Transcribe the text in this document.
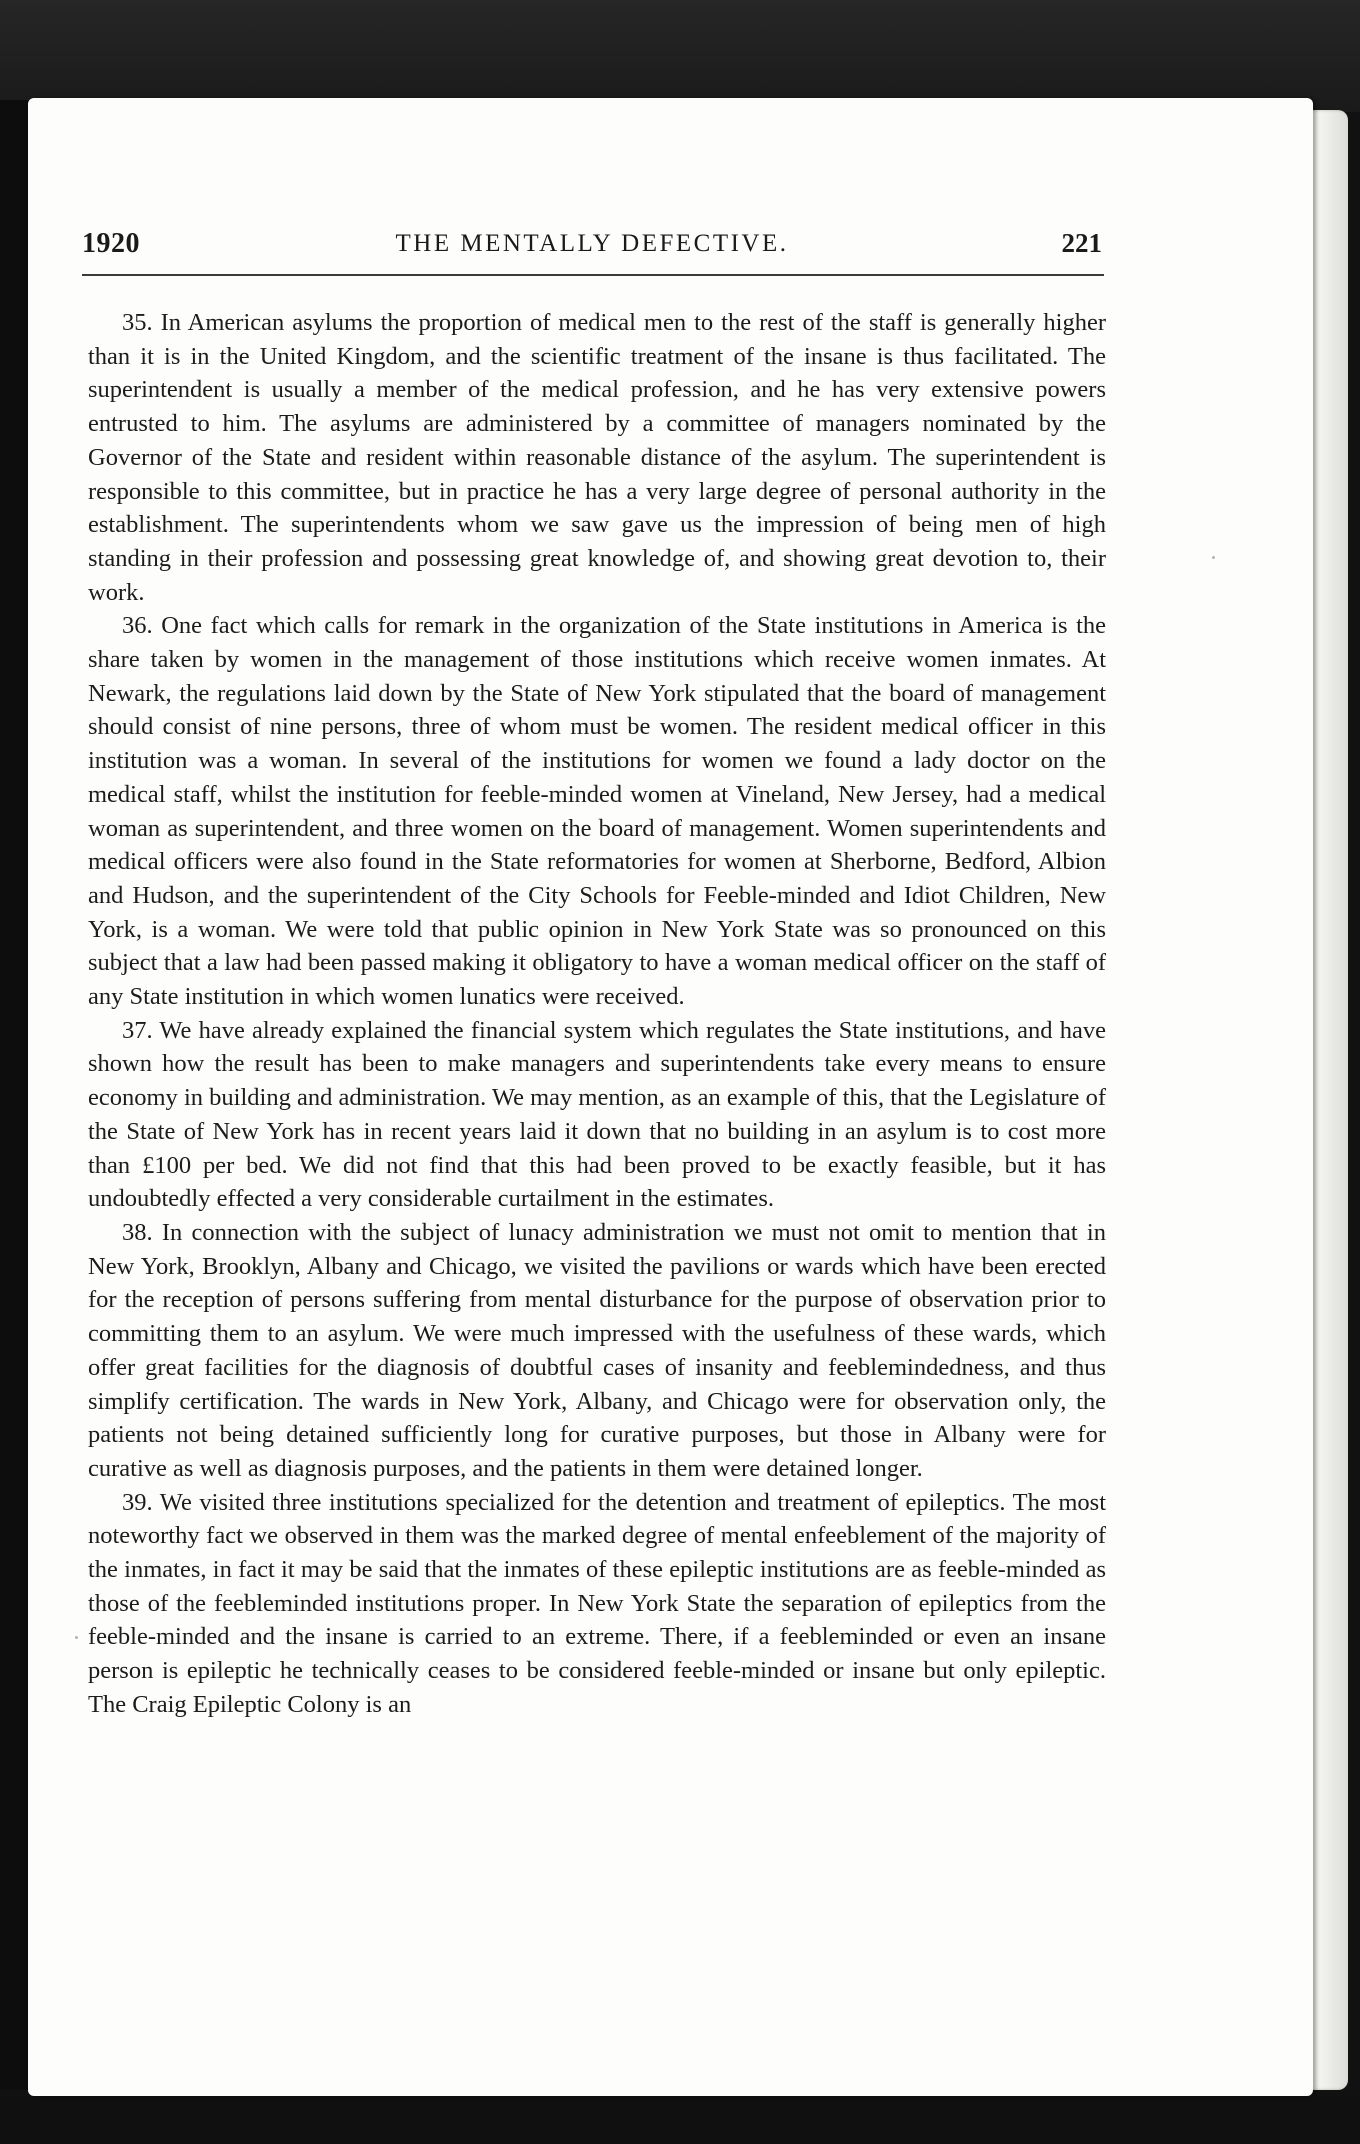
1920	THE MENTALLY DEFECTIVE.	221

35. In American asylums the proportion of medical men to the rest of the staff is generally higher than it is in the United Kingdom, and the scientific treatment of the insane is thus facilitated. The superintendent is usually a member of the medical profession, and he has very extensive powers entrusted to him. The asylums are administered by a committee of managers nominated by the Governor of the State and resident within reasonable distance of the asylum. The superintendent is responsible to this committee, but in practice he has a very large degree of personal authority in the establishment. The superintendents whom we saw gave us the impression of being men of high standing in their profession and possessing great knowledge of, and showing great devotion to, their work.

36. One fact which calls for remark in the organization of the State institutions in America is the share taken by women in the management of those institutions which receive women inmates. At Newark, the regulations laid down by the State of New York stipulated that the board of management should consist of nine persons, three of whom must be women. The resident medical officer in this institution was a woman. In several of the institutions for women we found a lady doctor on the medical staff, whilst the institution for feeble-minded women at Vineland, New Jersey, had a medical woman as superintendent, and three women on the board of management. Women superintendents and medical officers were also found in the State reformatories for women at Sherborne, Bedford, Albion and Hudson, and the superintendent of the City Schools for Feeble-minded and Idiot Children, New York, is a woman. We were told that public opinion in New York State was so pronounced on this subject that a law had been passed making it obligatory to have a woman medical officer on the staff of any State institution in which women lunatics were received.

37. We have already explained the financial system which regulates the State institutions, and have shown how the result has been to make managers and superintendents take every means to ensure economy in building and administration. We may mention, as an example of this, that the Legislature of the State of New York has in recent years laid it down that no building in an asylum is to cost more than £100 per bed. We did not find that this had been proved to be exactly feasible, but it has undoubtedly effected a very considerable curtailment in the estimates.

38. In connection with the subject of lunacy administration we must not omit to mention that in New York, Brooklyn, Albany and Chicago, we visited the pavilions or wards which have been erected for the reception of persons suffering from mental disturbance for the purpose of observation prior to committing them to an asylum. We were much impressed with the usefulness of these wards, which offer great facilities for the diagnosis of doubtful cases of insanity and feeblemindedness, and thus simplify certification. The wards in New York, Albany, and Chicago were for observation only, the patients not being detained sufficiently long for curative purposes, but those in Albany were for curative as well as diagnosis purposes, and the patients in them were detained longer.

39. We visited three institutions specialized for the detention and treatment of epileptics. The most noteworthy fact we observed in them was the marked degree of mental enfeeblement of the majority of the inmates, in fact it may be said that the inmates of these epileptic institutions are as feeble-minded as those of the feebleminded institutions proper. In New York State the separation of epileptics from the feeble-minded and the insane is carried to an extreme. There, if a feebleminded or even an insane person is epileptic he technically ceases to be considered feeble-minded or insane but only epileptic. The Craig Epileptic Colony is an
